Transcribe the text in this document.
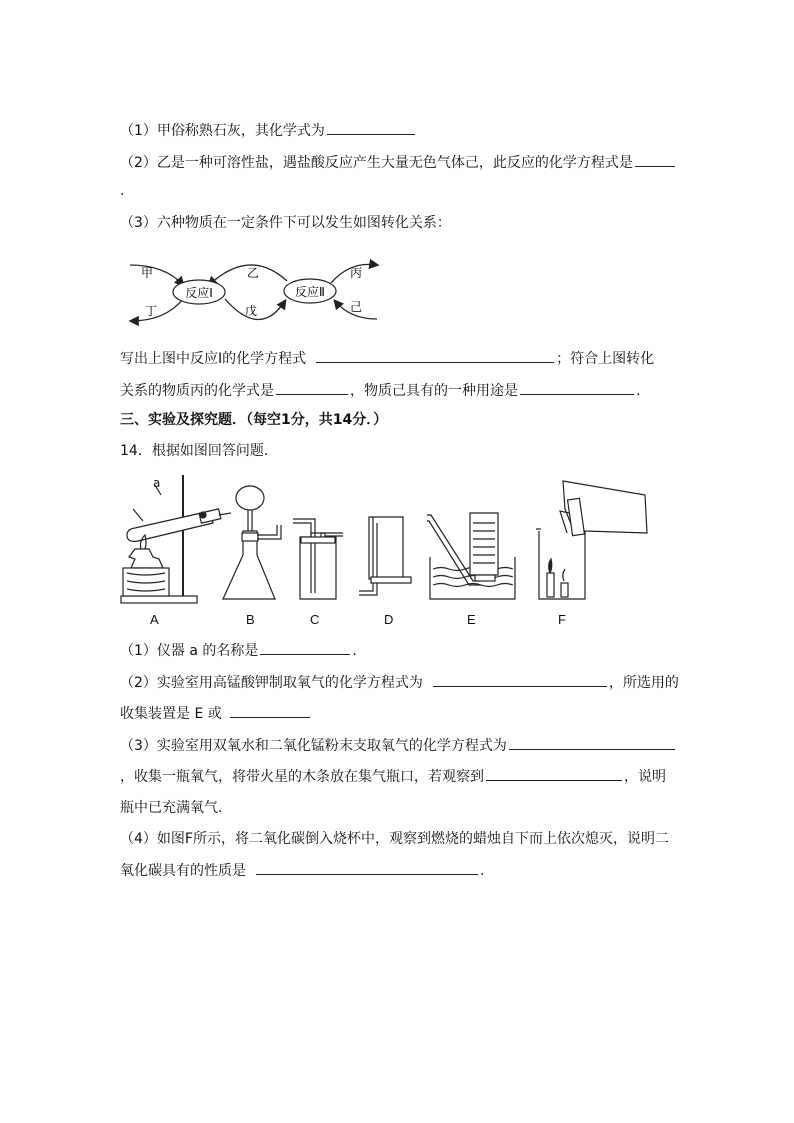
（1）甲俗称熟石灰，其化学式为
（2）乙是一种可溶性盐，遇盐酸反应产生大量无色气体己，此反应的化学方程式是
.
（3）六种物质在一定条件下可以发生如图转化关系：
反应Ⅰ	反应Ⅱ
甲
丁
乙
戊
丙
己
写出上图中反应Ⅰ的化学方程式	；符合上图转化
关系的物质丙的化学式是	，物质己具有的一种用途是	.
三、实验及探究题．（每空1分，共14分．）
14．根据如图回答问题．
a
A	B	C	D	E	F
（1）仪器 a 的名称是	.
（2）实验室用高锰酸钾制取氧气的化学方程式为	，所选用的
收集装置是 E 或
（3）实验室用双氧水和二氧化锰粉末支取氧气的化学方程式为
，收集一瓶氧气，将带火星的木条放在集气瓶口，若观察到	，说明
瓶中已充满氧气．
（4）如图F所示，将二氧化碳倒入烧杯中，观察到燃烧的蜡烛自下而上依次熄灭，说明二
氧化碳具有的性质是	.
